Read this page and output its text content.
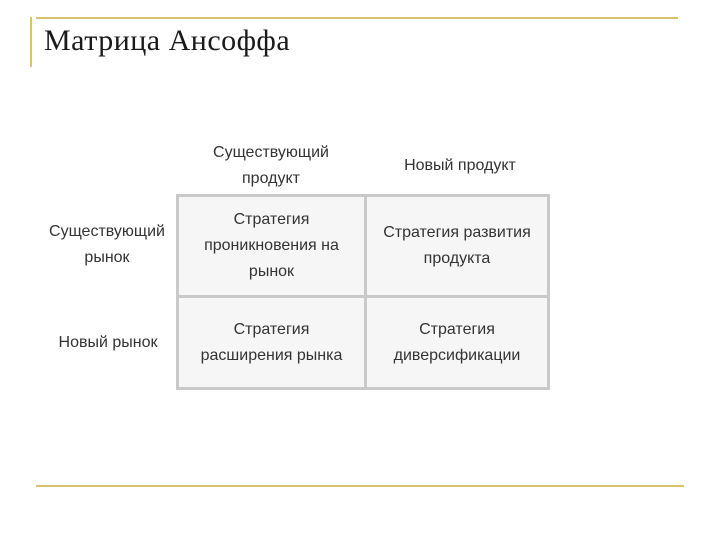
Матрица Ансоффа
Существующий
продукт
Новый продукт
Существующий
рынок
Новый рынок
Стратегия
проникновения на
рынок
Стратегия развития
продукта
Стратегия
расширения рынка
Стратегия
диверсификации
